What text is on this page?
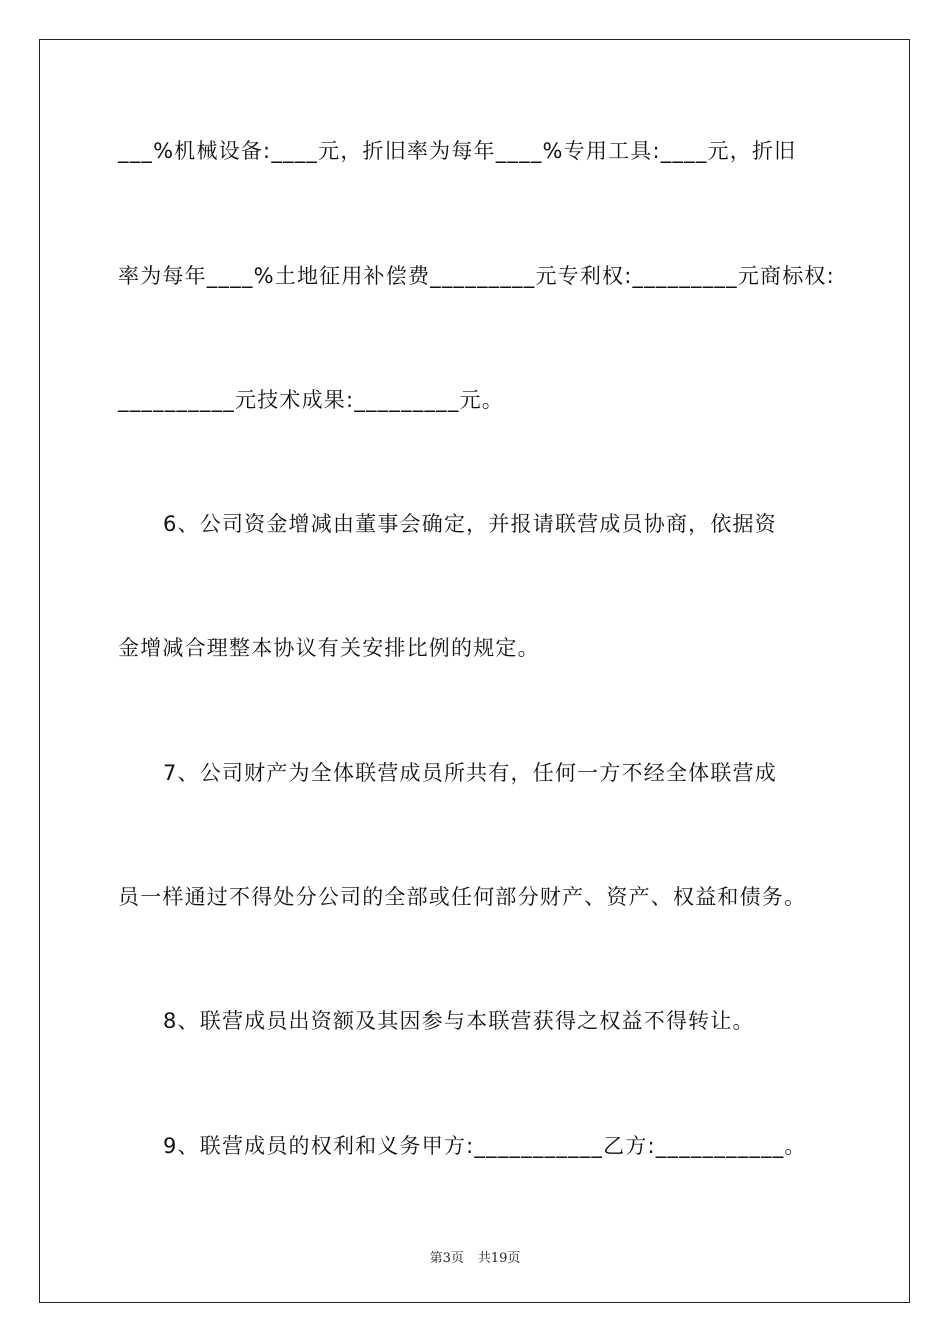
___%机械设备:____元，折旧率为每年____%专用工具:____元，折旧
率为每年____%土地征用补偿费_________元专利权:_________元商标权:
__________元技术成果:_________元。
6、公司资金增减由董事会确定，并报请联营成员协商，依据资
金增减合理整本协议有关安排比例的规定。
7、公司财产为全体联营成员所共有，任何一方不经全体联营成
员一样通过不得处分公司的全部或任何部分财产、资产、权益和债务。
8、联营成员出资额及其因参与本联营获得之权益不得转让。
9、联营成员的权利和义务甲方:___________乙方:___________。
第3页 共19页
